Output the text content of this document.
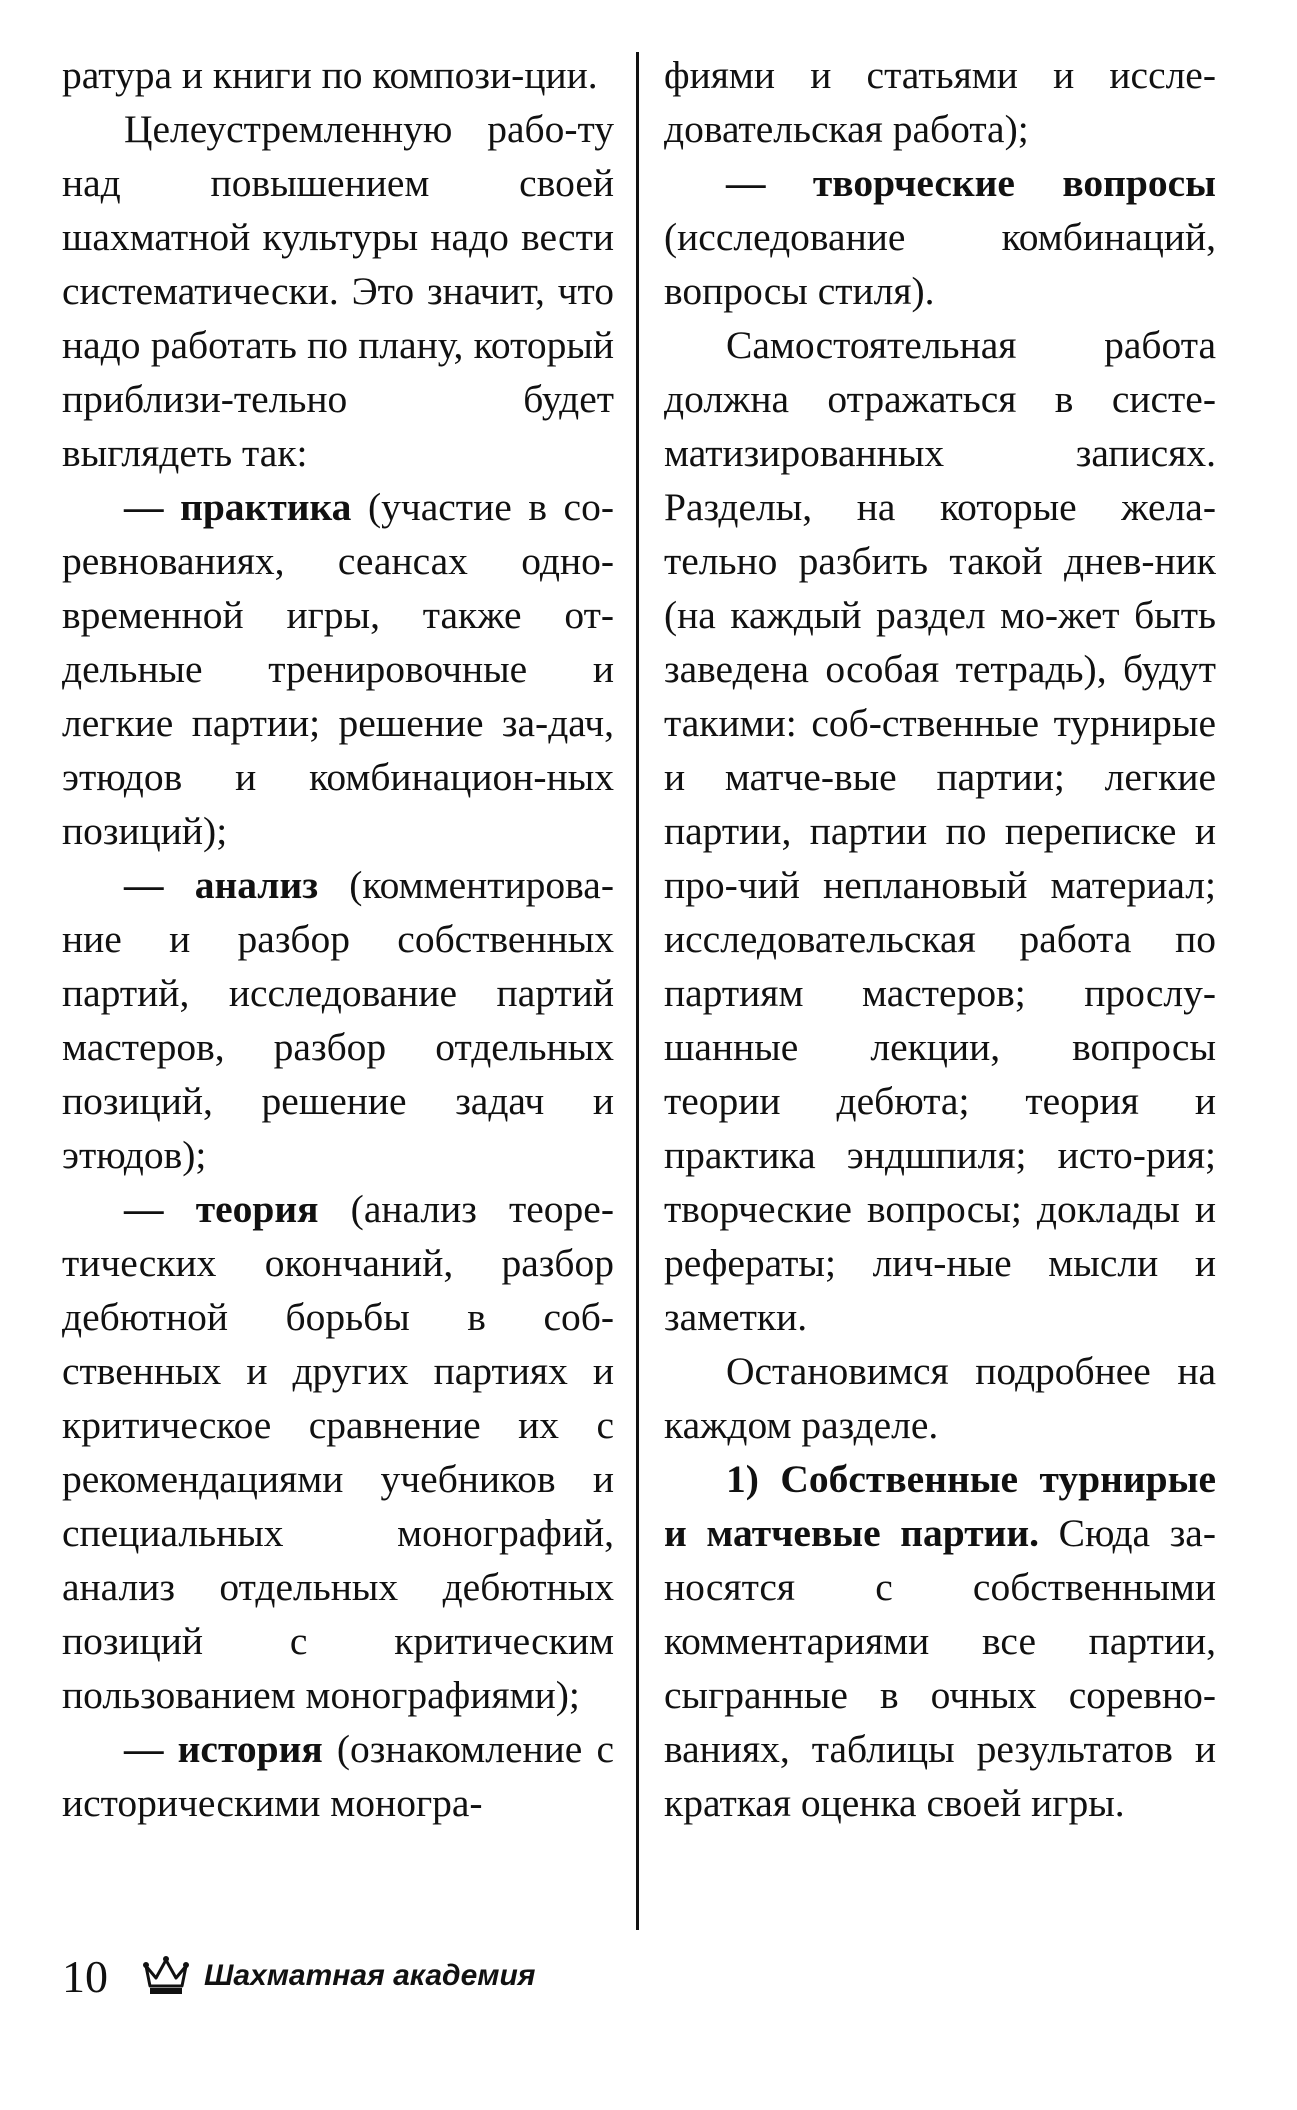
ратура и книги по компози-ции.

Целеустремленную рабо-ту над повышением своей шахматной культуры надо вести систематически. Это значит, что надо работать по плану, который приблизи-тельно будет выглядеть так:

— практика (участие в со-ревнованиях, сеансах одно-временной игры, также от-дельные тренировочные и легкие партии; решение за-дач, этюдов и комбинацион-ных позиций);

— анализ (комментирова-ние и разбор собственных партий, исследование партий мастеров, разбор отдельных позиций, решение задач и этюдов);

— теория (анализ теоре-тических окончаний, разбор дебютной борьбы в соб-ственных и других партиях и критическое сравнение их с рекомендациями учебников и специальных монографий, анализ отдельных дебютных позиций с критическим пользованием монографиями);

— история (ознакомление с историческими моногра-

фиями и статьями и иссле-довательская работа);

— творческие вопросы (исследование комбинаций, вопросы стиля).

Самостоятельная работа должна отражаться в систе-матизированных записях. Разделы, на которые жела-тельно разбить такой днев-ник (на каждый раздел мо-жет быть заведена особая тетрадь), будут такими: соб-ственные турнирые и матче-вые партии; легкие партии, партии по переписке и про-чий неплановый материал; исследовательская работа по партиям мастеров; прослу-шанные лекции, вопросы теории дебюта; теория и практика эндшпиля; исто-рия; творческие вопросы; доклады и рефераты; лич-ные мысли и заметки.

Остановимся подробнее на каждом разделе.

1) Собственные турнирые и матчевые партии. Сюда за-носятся с собственными комментариями все партии, сыгранные в очных соревно-ваниях, таблицы результатов и краткая оценка своей игры.

10	Шахматная академия
